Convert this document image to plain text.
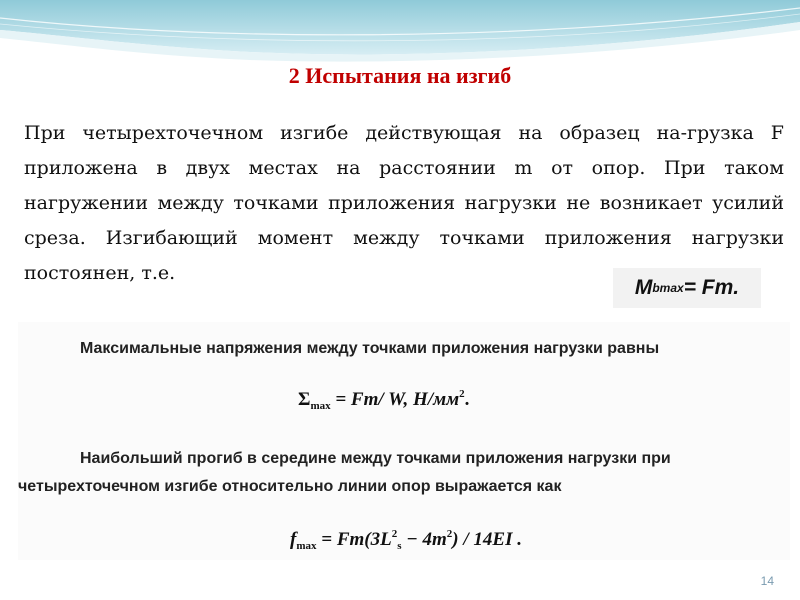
2 Испытания на изгиб

При четырехточечном изгибе действующая на образец на-грузка F приложена в двух местах на расстоянии m от опор. При таком нагружении между точками приложения нагрузки не возникает усилий среза. Изгибающий момент между точками приложения нагрузки постоянен, т.е.

M bmax = Fm.

Максимальные напряжения между точками приложения нагрузки равны

$\Sigma_{max} = Fm/$ W, $Н/мм^2$.

Наибольший прогиб в середине между точками приложения нагрузки при

четырехточечном изгибе относительно линии опор выражается как

$f_{max} = Fm(3L^2_s - 4m^2) / 14EI$ .
14
